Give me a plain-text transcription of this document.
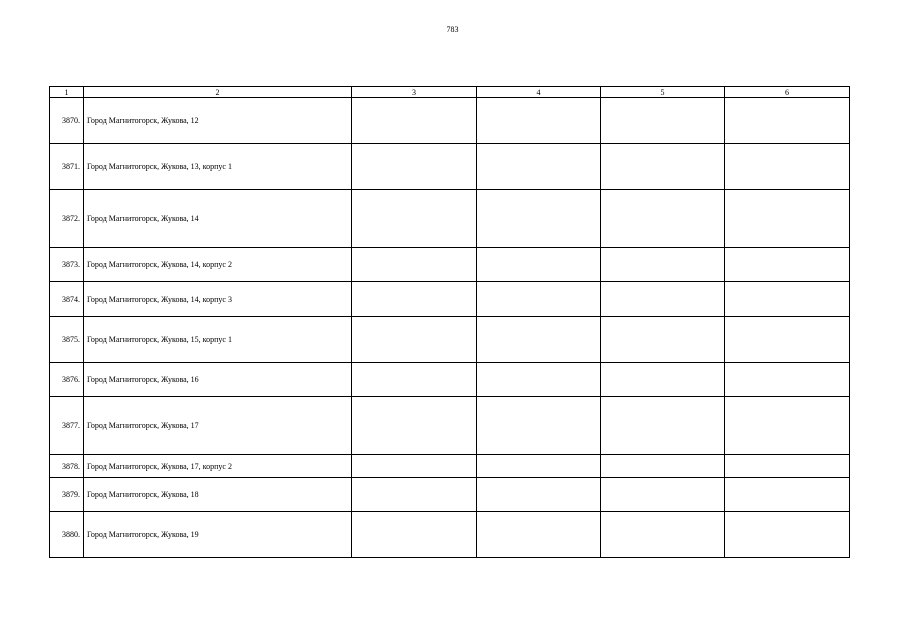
783
1	2	3	4	5	6
3870.	Город Магнитогорск, Жукова, 12				
3871.	Город Магнитогорск, Жукова, 13, корпус 1				
3872.	Город Магнитогорск, Жукова, 14				
3873.	Город Магнитогорск, Жукова, 14, корпус 2				
3874.	Город Магнитогорск, Жукова, 14, корпус 3				
3875.	Город Магнитогорск, Жукова, 15, корпус 1				
3876.	Город Магнитогорск, Жукова, 16				
3877.	Город Магнитогорск, Жукова, 17				
3878.	Город Магнитогорск, Жукова, 17, корпус 2				
3879.	Город Магнитогорск, Жукова, 18				
3880.	Город Магнитогорск, Жукова, 19				
